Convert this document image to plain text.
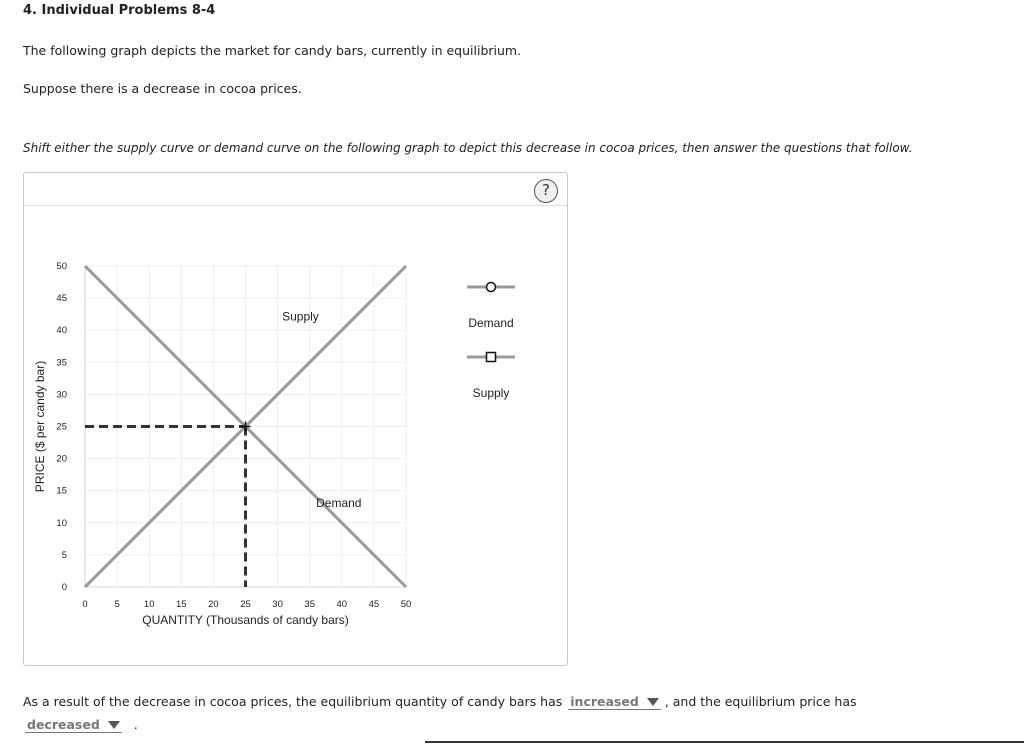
4. Individual Problems 8-4
The following graph depicts the market for candy bars, currently in equilibrium.
Suppose there is a decrease in cocoa prices.
Shift either the supply curve or demand curve on the following graph to depict this decrease in cocoa prices, then answer the questions that follow.
?
0	5	10 15 20 25 30 35 40 45 50
0
5
10
15
20
25
30
35
40
45
50
QUANTITY (Thousands of candy bars)
PRICE ($ per candy bar)
Supply
Demand
Demand
Supply
As a result of the decrease in cocoa prices, the equilibrium quantity of candy bars has increased , and the equilibrium price has
decreased	.
